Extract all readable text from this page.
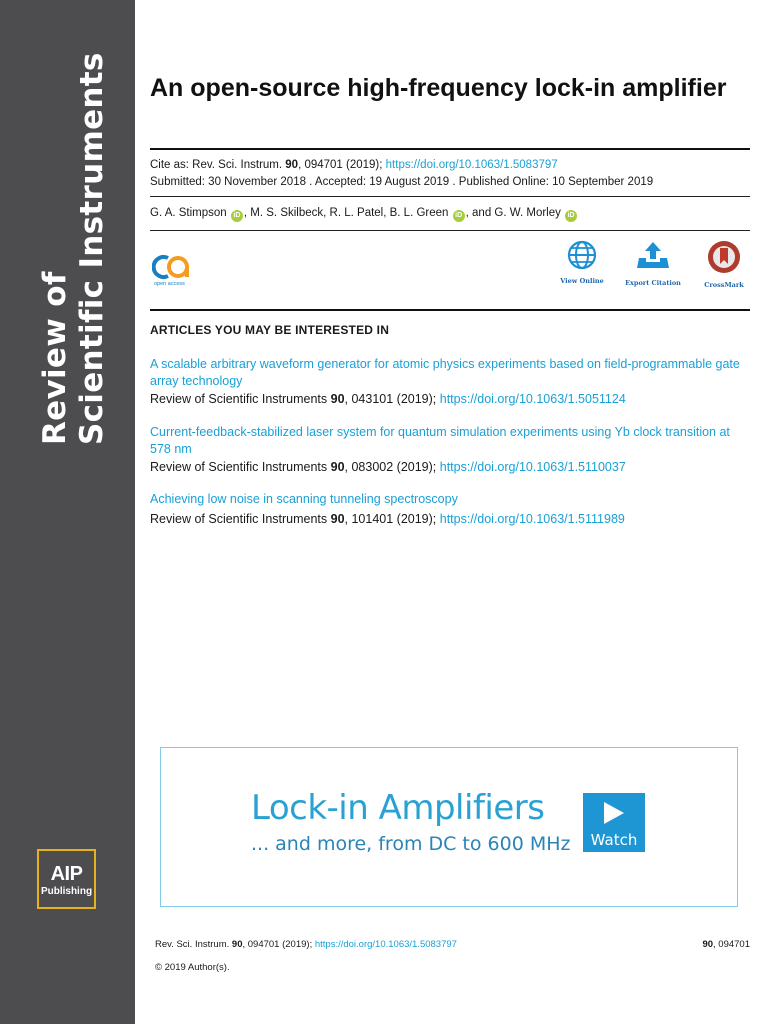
Review of Scientific Instruments
AIP
Publishing
An open-source high-frequency lock-in amplifier
Cite as: Rev. Sci. Instrum. 90, 094701 (2019); https://doi.org/10.1063/1.5083797
Submitted: 30 November 2018 . Accepted: 19 August 2019 . Published Online: 10 September 2019
G. A. Stimpson iD , M. S. Skilbeck, R. L. Patel, B. L. Green iD , and G. W. Morley iD
open access	View Online	Export Citation	CrossMark
ARTICLES YOU MAY BE INTERESTED IN
A scalable arbitrary waveform generator for atomic physics experiments based on field-programmable gate array technology
Review of Scientific Instruments 90, 043101 (2019); https://doi.org/10.1063/1.5051124
Current-feedback-stabilized laser system for quantum simulation experiments using Yb clock transition at 578 nm
Review of Scientific Instruments 90, 083002 (2019); https://doi.org/10.1063/1.5110037
Achieving low noise in scanning tunneling spectroscopy
Review of Scientific Instruments 90, 101401 (2019); https://doi.org/10.1063/1.5111989
Lock-in Amplifiers
... and more, from DC to 600 MHz	Watch
Rev. Sci. Instrum. 90, 094701 (2019); https://doi.org/10.1063/1.5083797	90, 094701
© 2019 Author(s).
